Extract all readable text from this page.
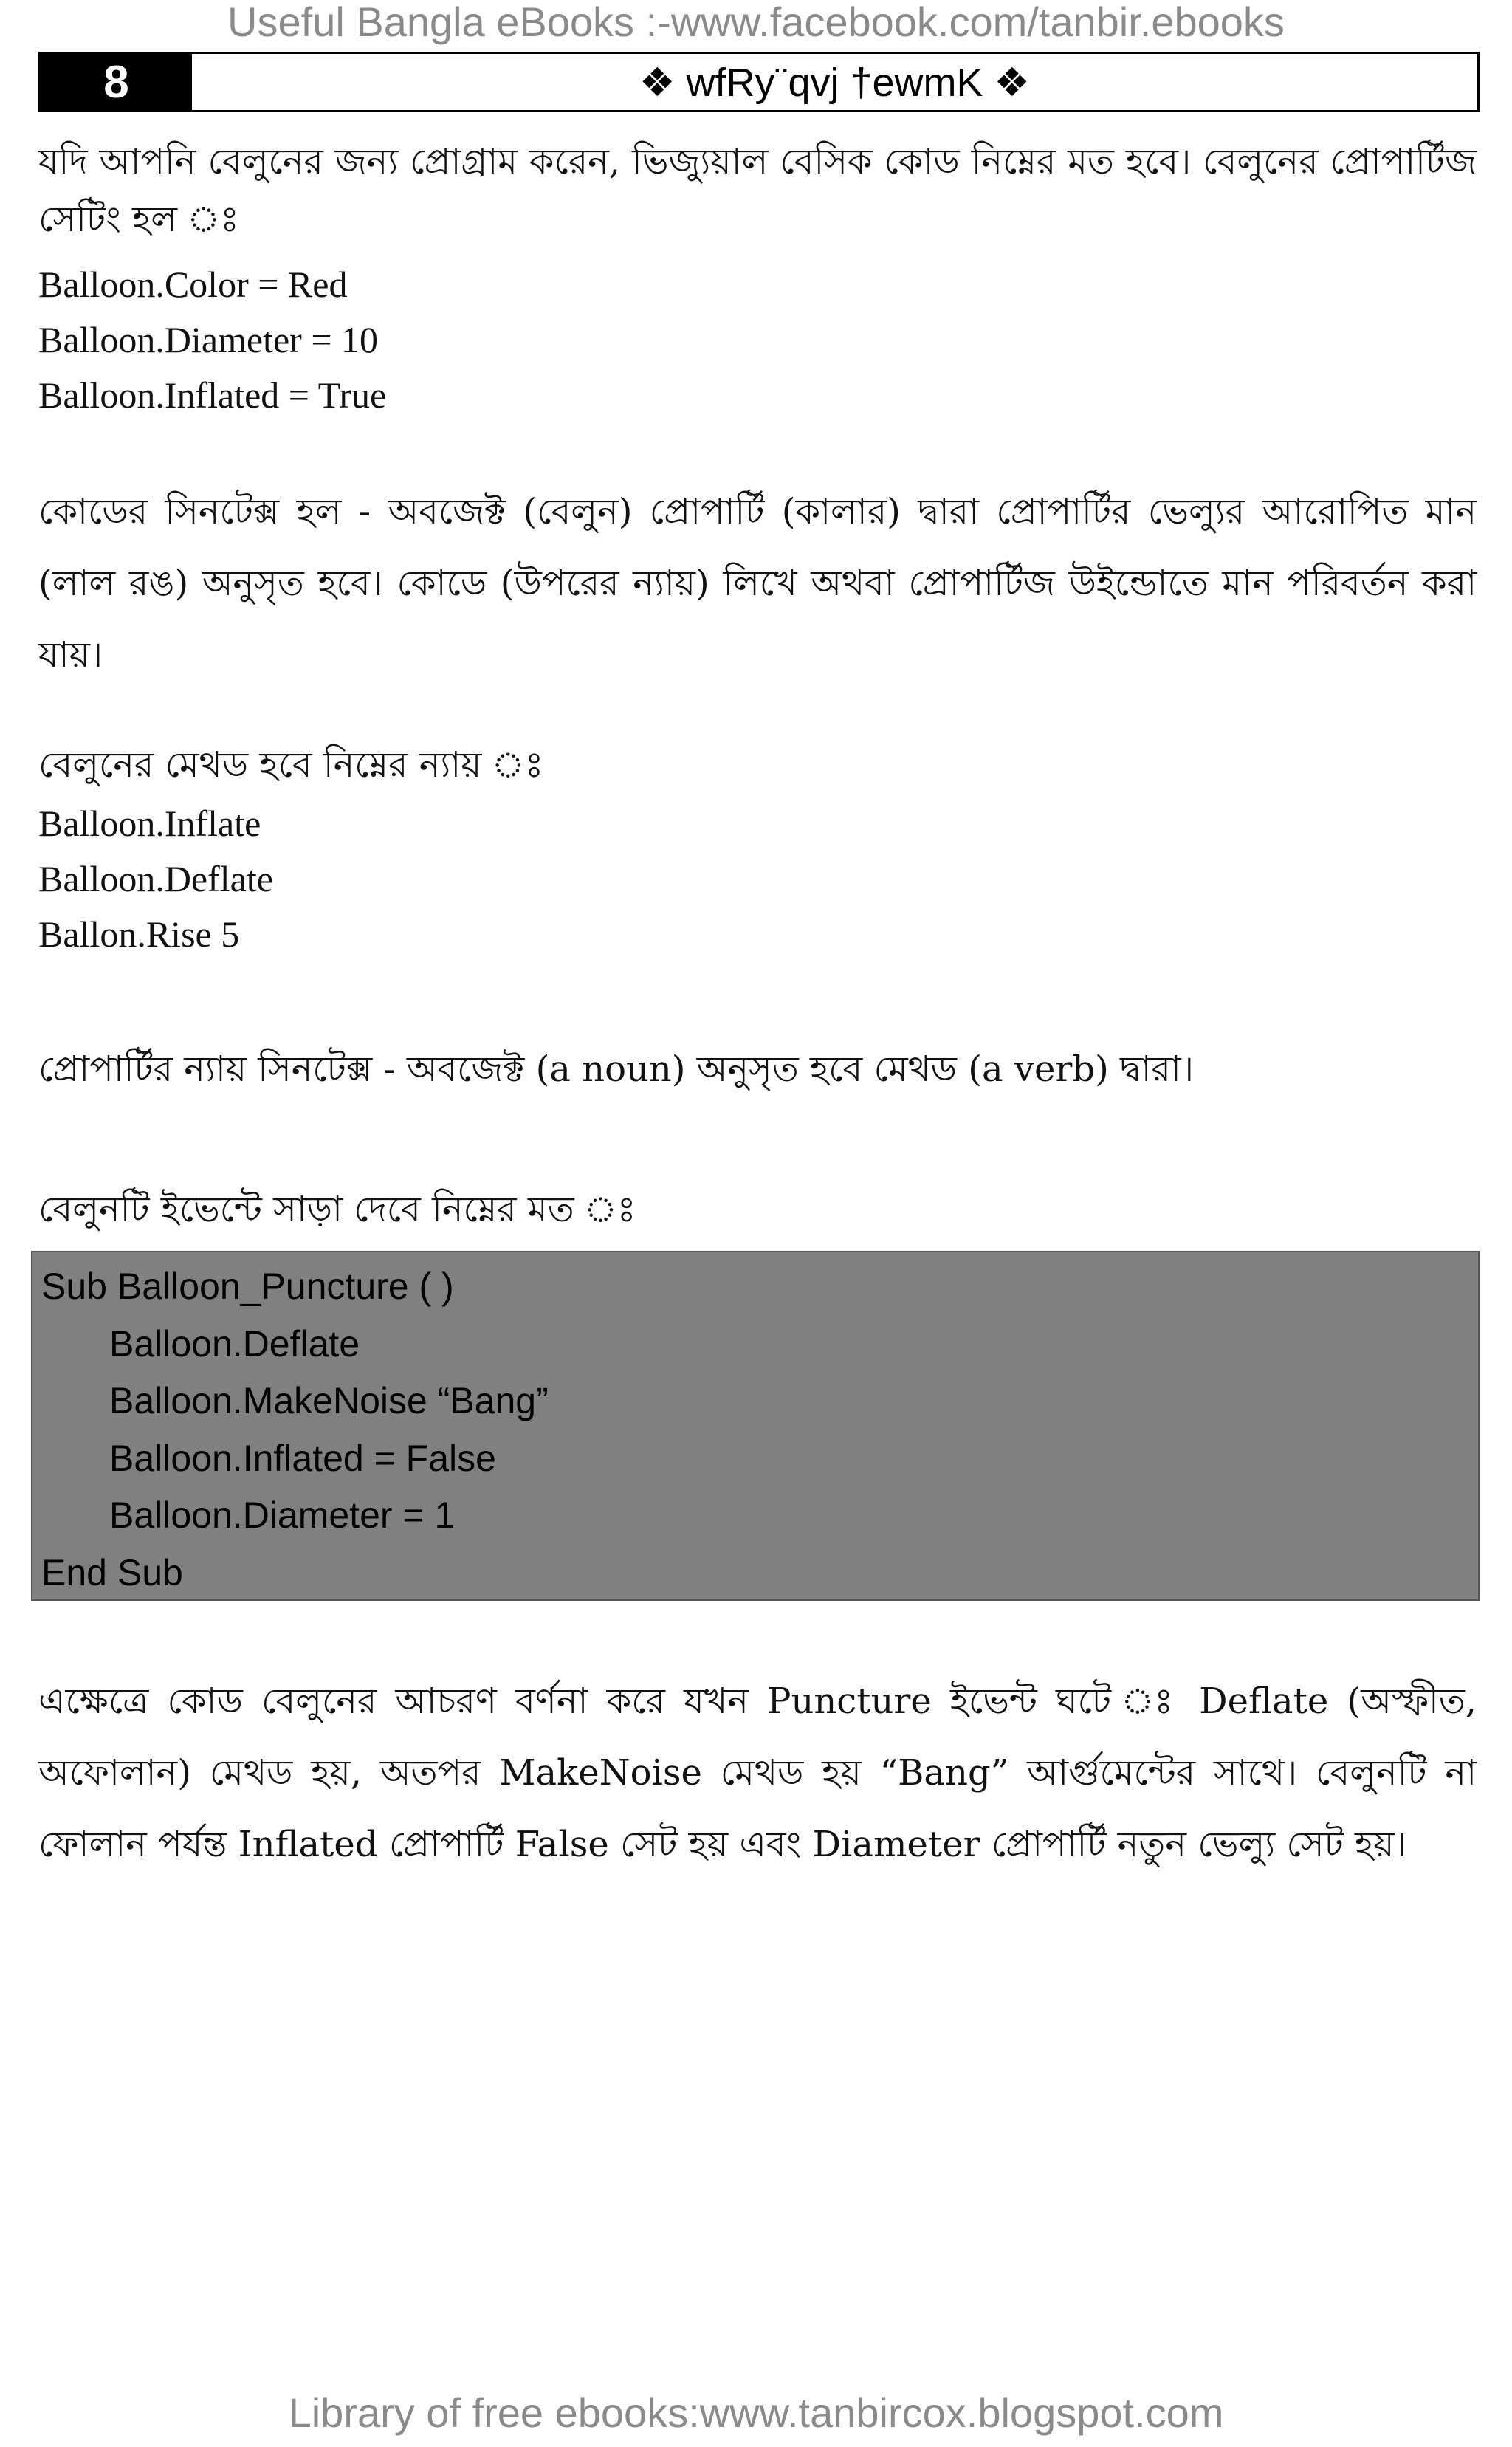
Useful Bangla eBooks :-www.facebook.com/tanbir.ebooks
8	❖ wfRy¨qvj †ewmK ❖

যদি আপনি বেলুনের জন্য প্রোগ্রাম করেন, ভিজ্যুয়াল বেসিক কোড নিম্নের মত হবে। বেলুনের প্রোপার্টিজ সেটিং হল ঃ

Balloon.Color = Red

Balloon.Diameter = 10

Balloon.Inflated = True

কোডের সিনটেক্স হল - অবজেক্ট (বেলুন) প্রোপার্টি (কালার) দ্বারা প্রোপার্টির ভেল্যুর আরোপিত মান (লাল রঙ) অনুসৃত হবে। কোডে (উপরের ন্যায়) লিখে অথবা প্রোপার্টিজ উইন্ডোতে মান পরিবর্তন করা যায়।

বেলুনের মেথড হবে নিম্নের ন্যায় ঃ

Balloon.Inflate

Balloon.Deflate

Ballon.Rise 5

প্রোপার্টির ন্যায় সিনটেক্স - অবজেক্ট (a noun) অনুসৃত হবে মেথড (a verb) দ্বারা।

বেলুনটি ইভেন্টে সাড়া দেবে নিম্নের মত ঃ

Sub Balloon_Puncture ( )

Balloon.Deflate

Balloon.MakeNoise “Bang”

Balloon.Inflated = False

Balloon.Diameter = 1

End Sub

এক্ষেত্রে কোড বেলুনের আচরণ বর্ণনা করে যখন Puncture ইভেন্ট ঘটে ঃ Deflate (অস্ফীত, অফোলান) মেথড হয়, অতপর MakeNoise মেথড হয় “Bang” আর্গুমেন্টের সাথে। বেলুনটি না ফোলান পর্যন্ত Inflated প্রোপার্টি False সেট হয় এবং Diameter প্রোপার্টি নতুন ভেল্যু সেট হয়।

Library of free ebooks:www.tanbircox.blogspot.com
